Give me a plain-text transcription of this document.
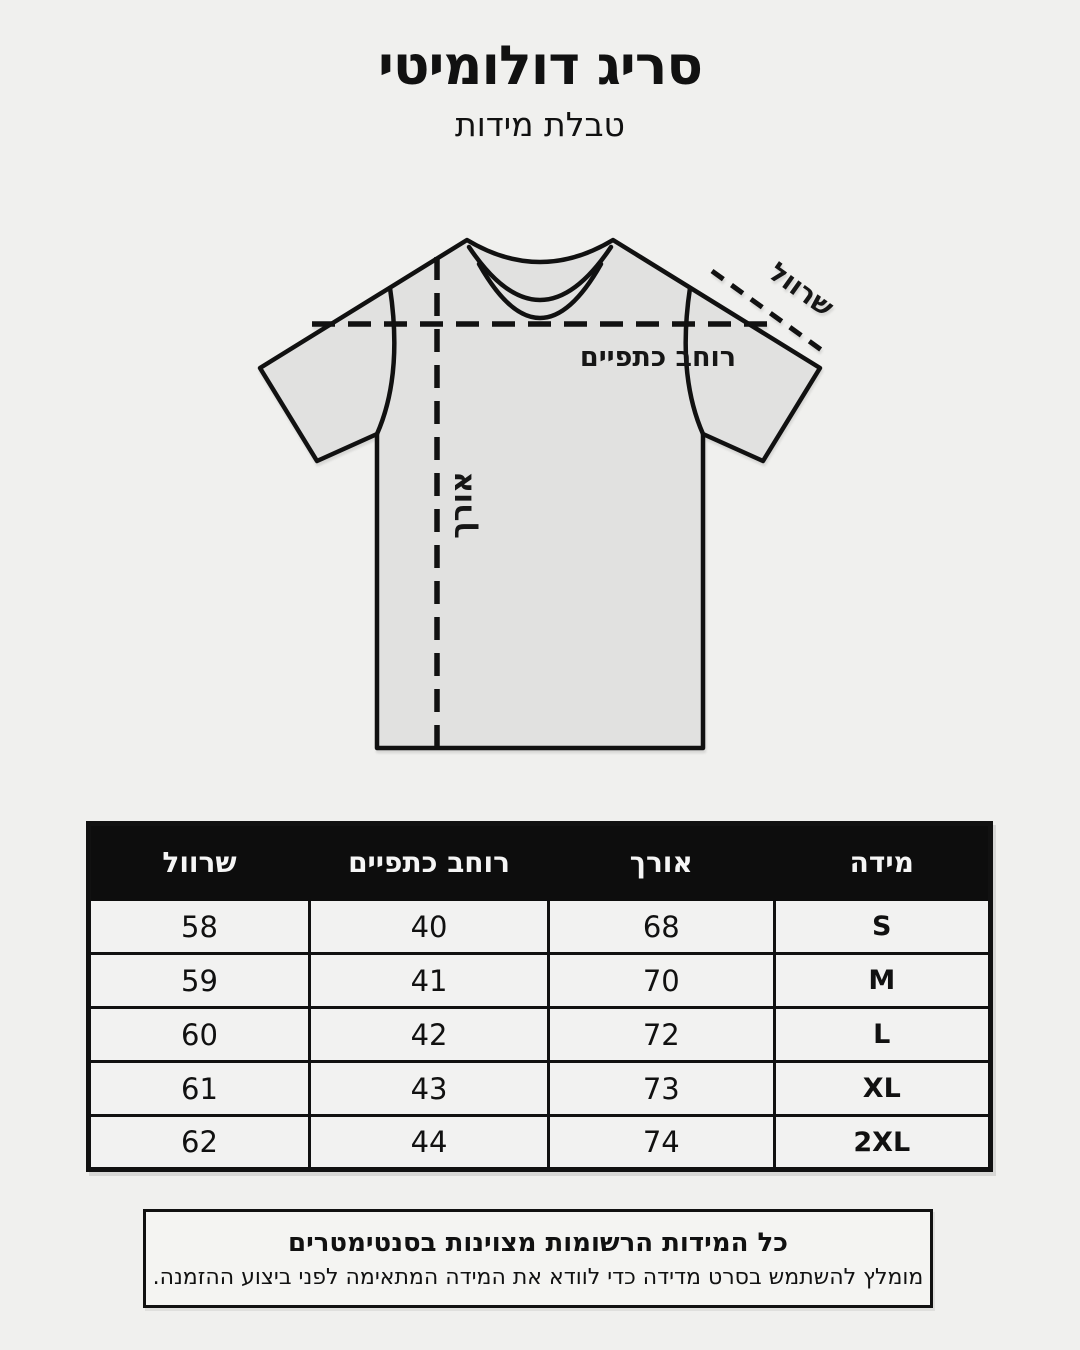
סריג דולומיטי
טבלת מידות
רוחב כתפיים
אורך
שרוול
מידה	אורך	רוחב כתפיים	שרוול
S	68	40	58
M	70	41	59
L	72	42	60
XL	73	43	61
2XL	74	44	62
כל המידות הרשומות מצוינות בסנטימטרים
מומלץ להשתמש בסרט מדידה כדי לוודא את המידה המתאימה לפני ביצוע ההזמנה.
